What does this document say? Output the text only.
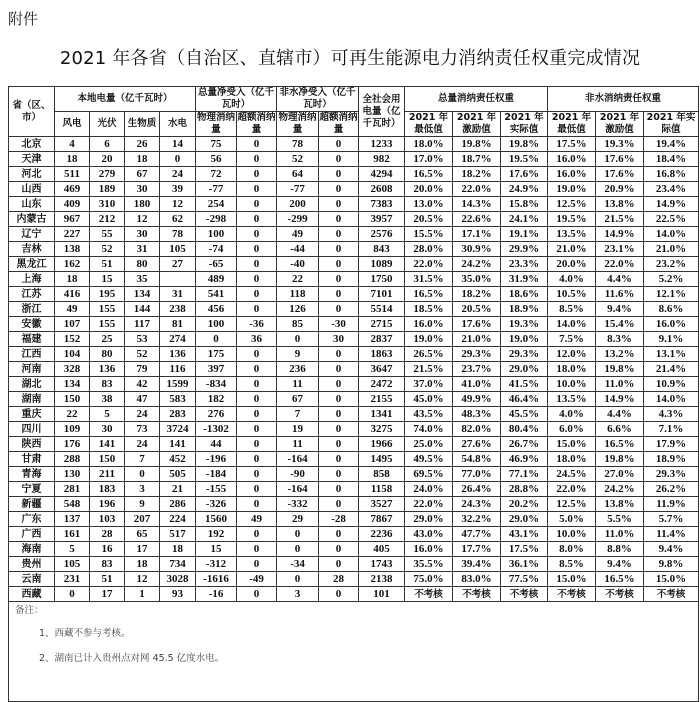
附件
2021 年各省（自治区、直辖市）可再生能源电力消纳责任权重完成情况
省（区、市）	本地电量（亿千瓦时）				总量净受入（亿千瓦时）		非水净受入（亿千瓦时）		全社会用电量（亿千瓦时）	总量消纳责任权重			非水消纳责任权重		
	风电	光伏	生物质	水电	物理消纳量	超额消纳量	物理消纳量	超额消纳量		2021 年最低值	2021 年激励值	2021 年实际值	2021 年最低值	2021 年激励值	2021 年实际值
北京	4	6	26	14	75	0	78	0	1233	18.0%	19.8%	19.8%	17.5%	19.3%	19.4%
天津	18	20	18	0	56	0	52	0	982	17.0%	18.7%	19.5%	16.0%	17.6%	18.4%
河北	511	279	67	24	72	0	64	0	4294	16.5%	18.2%	17.6%	16.0%	17.6%	16.8%
山西	469	189	30	39	-77	0	-77	0	2608	20.0%	22.0%	24.9%	19.0%	20.9%	23.4%
山东	409	310	180	12	254	0	200	0	7383	13.0%	14.3%	15.8%	12.5%	13.8%	14.9%
内蒙古	967	212	12	62	-298	0	-299	0	3957	20.5%	22.6%	24.1%	19.5%	21.5%	22.5%
辽宁	227	55	30	78	100	0	49	0	2576	15.5%	17.1%	19.1%	13.5%	14.9%	14.0%
吉林	138	52	31	105	-74	0	-44	0	843	28.0%	30.9%	29.9%	21.0%	23.1%	21.0%
黑龙江	162	51	80	27	-65	0	-40	0	1089	22.0%	24.2%	23.3%	20.0%	22.0%	23.2%
上海	18	15	35		489	0	22	0	1750	31.5%	35.0%	31.9%	4.0%	4.4%	5.2%
江苏	416	195	134	31	541	0	118	0	7101	16.5%	18.2%	18.6%	10.5%	11.6%	12.1%
浙江	49	155	144	238	456	0	126	0	5514	18.5%	20.5%	18.9%	8.5%	9.4%	8.6%
安徽	107	155	117	81	100	-36	85	-30	2715	16.0%	17.6%	19.3%	14.0%	15.4%	16.0%
福建	152	25	53	274	0	36	0	30	2837	19.0%	21.0%	19.0%	7.5%	8.3%	9.1%
江西	104	80	52	136	175	0	9	0	1863	26.5%	29.3%	29.3%	12.0%	13.2%	13.1%
河南	328	136	79	116	397	0	236	0	3647	21.5%	23.7%	29.0%	18.0%	19.8%	21.4%
湖北	134	83	42	1599	-834	0	11	0	2472	37.0%	41.0%	41.5%	10.0%	11.0%	10.9%
湖南	150	38	47	583	182	0	67	0	2155	45.0%	49.9%	46.4%	13.5%	14.9%	14.0%
重庆	22	5	24	283	276	0	7	0	1341	43.5%	48.3%	45.5%	4.0%	4.4%	4.3%
四川	109	30	73	3724	-1302	0	19	0	3275	74.0%	82.0%	80.4%	6.0%	6.6%	7.1%
陕西	176	141	24	141	44	0	11	0	1966	25.0%	27.6%	26.7%	15.0%	16.5%	17.9%
甘肃	288	150	7	452	-196	0	-164	0	1495	49.5%	54.8%	46.9%	18.0%	19.8%	18.9%
青海	130	211	0	505	-184	0	-90	0	858	69.5%	77.0%	77.1%	24.5%	27.0%	29.3%
宁夏	281	183	3	21	-155	0	-164	0	1158	24.0%	26.4%	28.8%	22.0%	24.2%	26.2%
新疆	548	196	9	286	-326	0	-332	0	3527	22.0%	24.3%	20.2%	12.5%	13.8%	11.9%
广东	137	103	207	224	1560	49	29	-28	7867	29.0%	32.2%	29.0%	5.0%	5.5%	5.7%
广西	161	28	65	517	192	0	0	0	2236	43.0%	47.7%	43.1%	10.0%	11.0%	11.4%
海南	5	16	17	18	15	0	0	0	405	16.0%	17.7%	17.5%	8.0%	8.8%	9.4%
贵州	105	83	18	734	-312	0	-34	0	1743	35.5%	39.4%	36.1%	8.5%	9.4%	9.8%
云南	231	51	12	3028	-1616	-49	0	28	2138	75.0%	83.0%	77.5%	15.0%	16.5%	15.0%
西藏	0	17	1	93	-16	0	3	0	101	不考核	不考核	不考核	不考核	不考核	不考核

备注：
1、西藏不参与考核。
2、湖南已计入贵州点对网 45.5 亿度水电。															
